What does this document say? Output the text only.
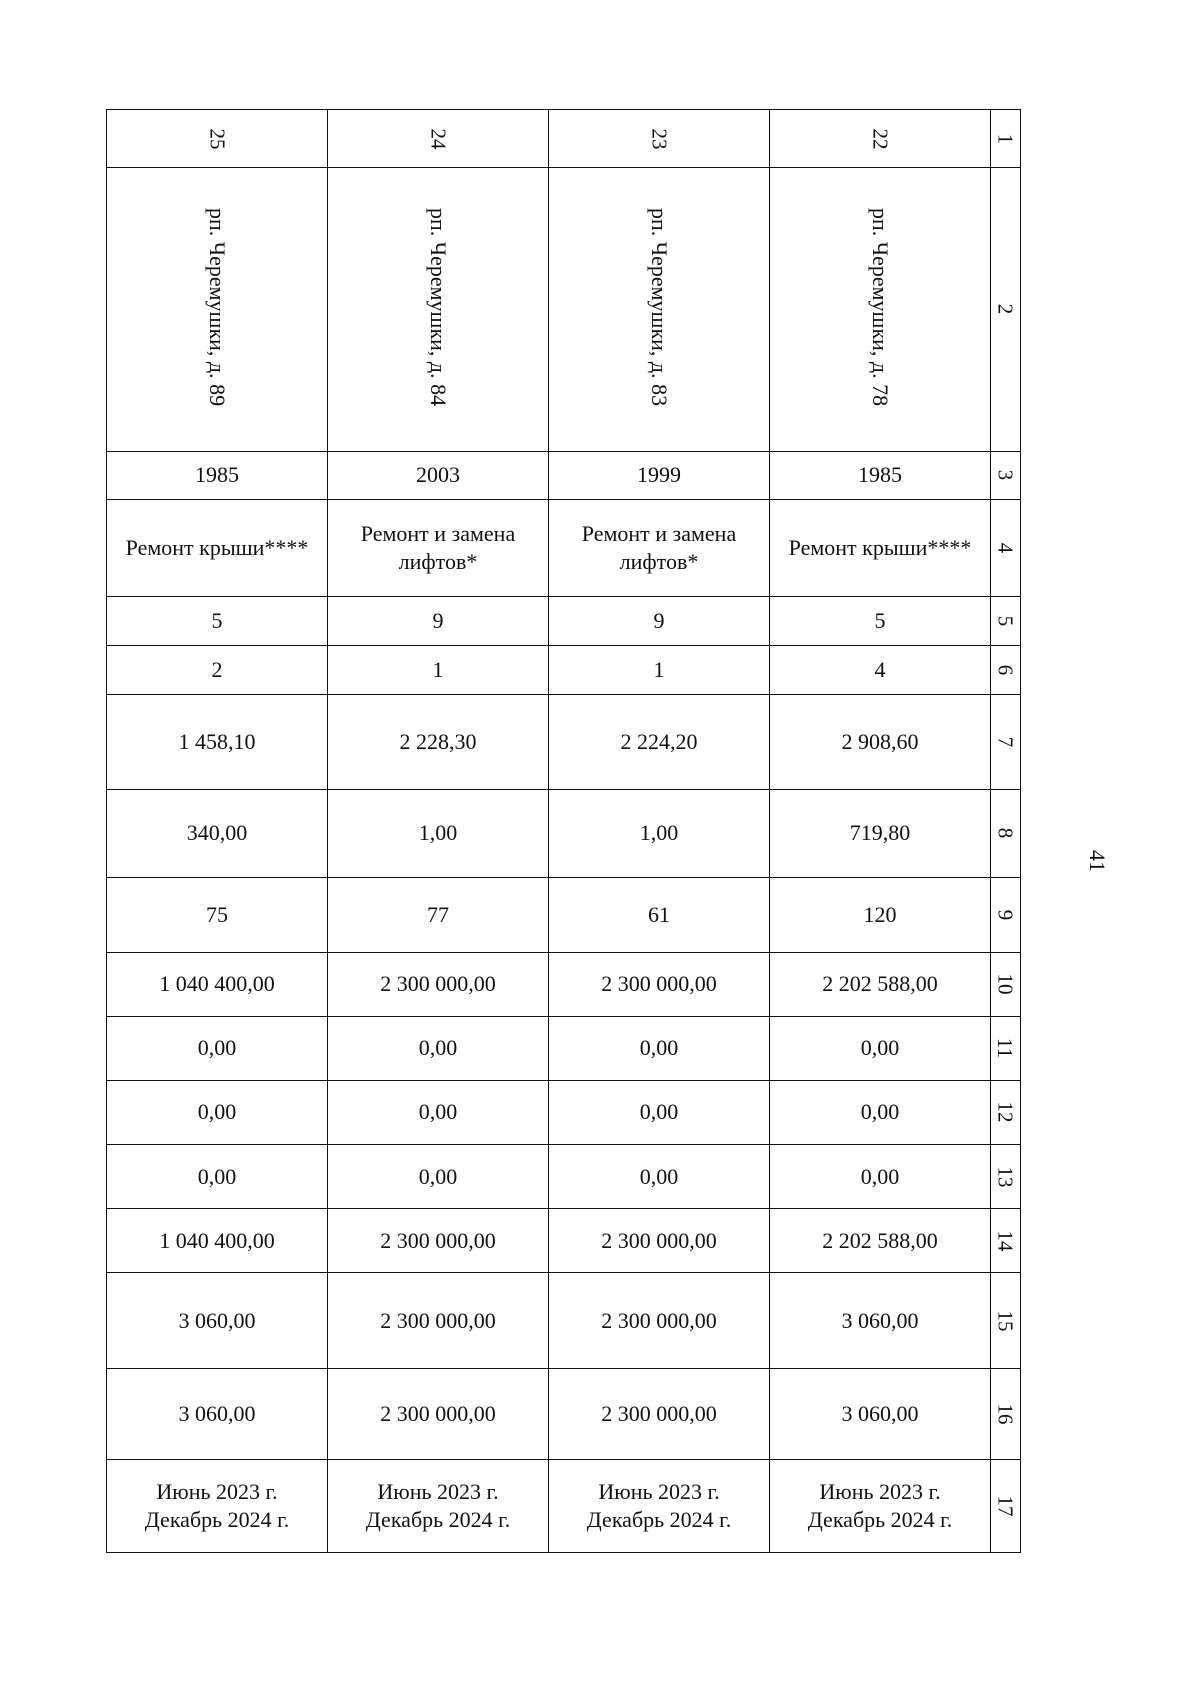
41
25	24	23	22	1

рп. Черемушки, д. 89	рп. Черемушки, д. 84	рп. Черемушки, д. 83	рп. Черемушки, д. 78	2

1985	2003	1999	1985	3

Ремонт крыши****	Ремонт и замена лифтов*	Ремонт и замена лифтов*	Ремонт крыши****	4

5	9	9	5	5

2	1	1	4	6

1 458,10	2 228,30	2 224,20	2 908,60	7

340,00	1,00	1,00	719,80	8

75	77	61	120	9

1 040 400,00	2 300 000,00	2 300 000,00	2 202 588,00	10

0,00	0,00	0,00	0,00	11

0,00	0,00	0,00	0,00	12

0,00	0,00	0,00	0,00	13

1 040 400,00	2 300 000,00	2 300 000,00	2 202 588,00	14

3 060,00	2 300 000,00	2 300 000,00	3 060,00	15

3 060,00	2 300 000,00	2 300 000,00	3 060,00	16

Июнь 2023 г.
Декабрь 2024 г.	Июнь 2023 г.
Декабрь 2024 г.	Июнь 2023 г.
Декабрь 2024 г.	Июнь 2023 г.
Декабрь 2024 г.	17
